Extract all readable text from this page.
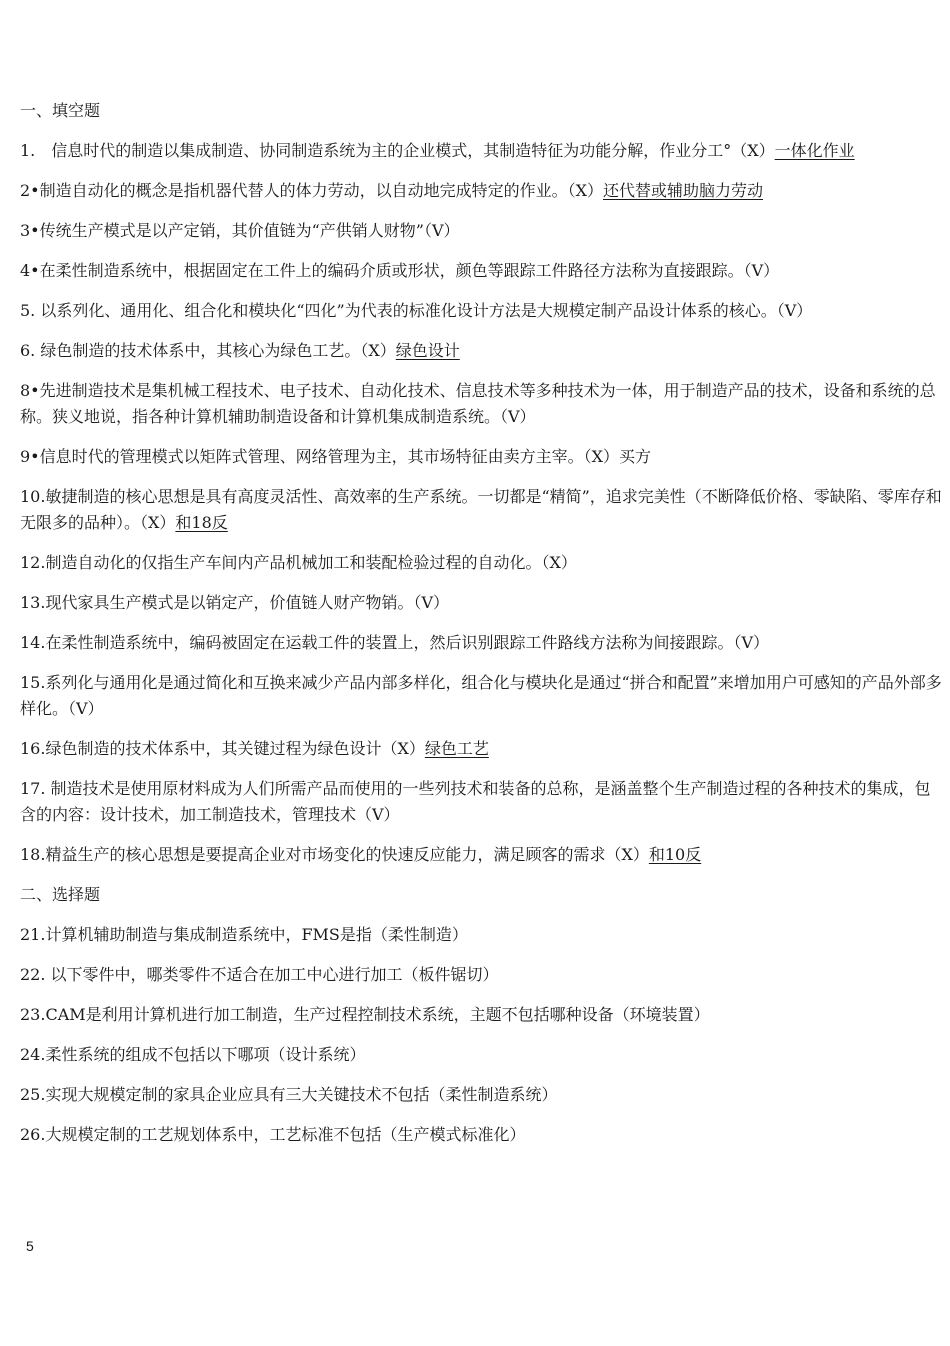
一、填空题
1.　信息时代的制造以集成制造、协同制造系统为主的企业模式，其制造特征为功能分解，作业分工°（X）一体化作业
2•制造自动化的概念是指机器代替人的体力劳动，以自动地完成特定的作业。（X）还代替或辅助脑力劳动
3•传统生产模式是以产定销，其价值链为“产供销人财物”（V）
4•在柔性制造系统中，根据固定在工件上的编码介质或形状，颜色等跟踪工件路径方法称为直接跟踪。（V）
5. 以系列化、通用化、组合化和模块化“四化”为代表的标准化设计方法是大规模定制产品设计体系的核心。（V）
6. 绿色制造的技术体系中，其核心为绿色工艺。（X）绿色设计
8•先进制造技术是集机械工程技术、电子技术、自动化技术、信息技术等多种技术为一体，用于制造产品的技术，设备和系统的总称。狭义地说，指各种计算机辅助制造设备和计算机集成制造系统。（V）
9•信息时代的管理模式以矩阵式管理、网络管理为主，其市场特征由卖方主宰。（X）买方
10.敏捷制造的核心思想是具有高度灵活性、高效率的生产系统。一切都是“精简”，追求完美性（不断降低价格、零缺陷、零库存和无限多的品种）。（X）和18反
12.制造自动化的仅指生产车间内产品机械加工和装配检验过程的自动化。（X）
13.现代家具生产模式是以销定产，价值链人财产物销。（V）
14.在柔性制造系统中，编码被固定在运载工件的装置上，然后识别跟踪工件路线方法称为间接跟踪。（V）
15.系列化与通用化是通过简化和互换来减少产品内部多样化，组合化与模块化是通过“拼合和配置”来增加用户可感知的产品外部多样化。（V）
16.绿色制造的技术体系中，其关键过程为绿色设计（X）绿色工艺
17. 制造技术是使用原材料成为人们所需产品而使用的一些列技术和装备的总称，是涵盖整个生产制造过程的各种技术的集成，包含的内容：设计技术，加工制造技术，管理技术（V）
18.精益生产的核心思想是要提高企业对市场变化的快速反应能力，满足顾客的需求（X）和10反
二、选择题
21.计算机辅助制造与集成制造系统中，FMS是指（柔性制造）
22. 以下零件中，哪类零件不适合在加工中心进行加工（板件锯切）
23.CAM是利用计算机进行加工制造，生产过程控制技术系统，主题不包括哪种设备（环境装置）
24.柔性系统的组成不包括以下哪项（设计系统）
25.实现大规模定制的家具企业应具有三大关键技术不包括（柔性制造系统）
26.大规模定制的工艺规划体系中，工艺标准不包括（生产模式标准化）
5
